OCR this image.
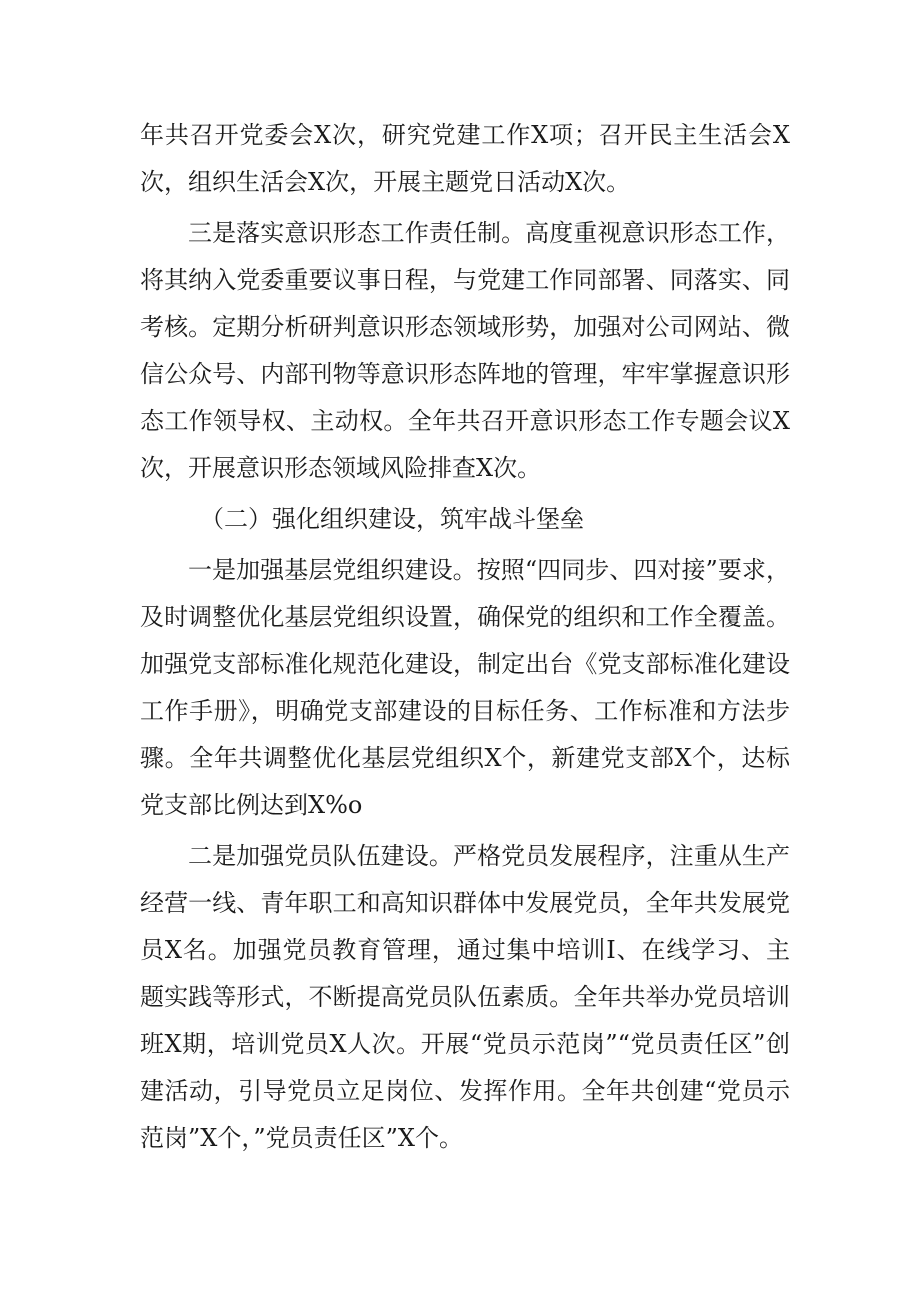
年共召开党委会X次，研究党建工作X项；召开民主生活会X次，组织生活会X次，开展主题党日活动X次。

三是落实意识形态工作责任制。高度重视意识形态工作，将其纳入党委重要议事日程，与党建工作同部署、同落实、同考核。定期分析研判意识形态领域形势，加强对公司网站、微信公众号、内部刊物等意识形态阵地的管理，牢牢掌握意识形态工作领导权、主动权。全年共召开意识形态工作专题会议X次，开展意识形态领域风险排查X次。

（二）强化组织建设，筑牢战斗堡垒

一是加强基层党组织建设。按照“四同步、四对接”要求，及时调整优化基层党组织设置，确保党的组织和工作全覆盖。加强党支部标准化规范化建设，制定出台《党支部标准化建设工作手册》，明确党支部建设的目标任务、工作标准和方法步骤。全年共调整优化基层党组织X个，新建党支部X个，达标党支部比例达到X%o

二是加强党员队伍建设。严格党员发展程序，注重从生产经营一线、青年职工和高知识群体中发展党员，全年共发展党员X名。加强党员教育管理，通过集中培训I、在线学习、主题实践等形式，不断提高党员队伍素质。全年共举办党员培训班X期，培训党员X人次。开展“党员示范岗”“党员责任区”创建活动，引导党员立足岗位、发挥作用。全年共创建“党员示范岗”X个，”党员责任区”X个。
